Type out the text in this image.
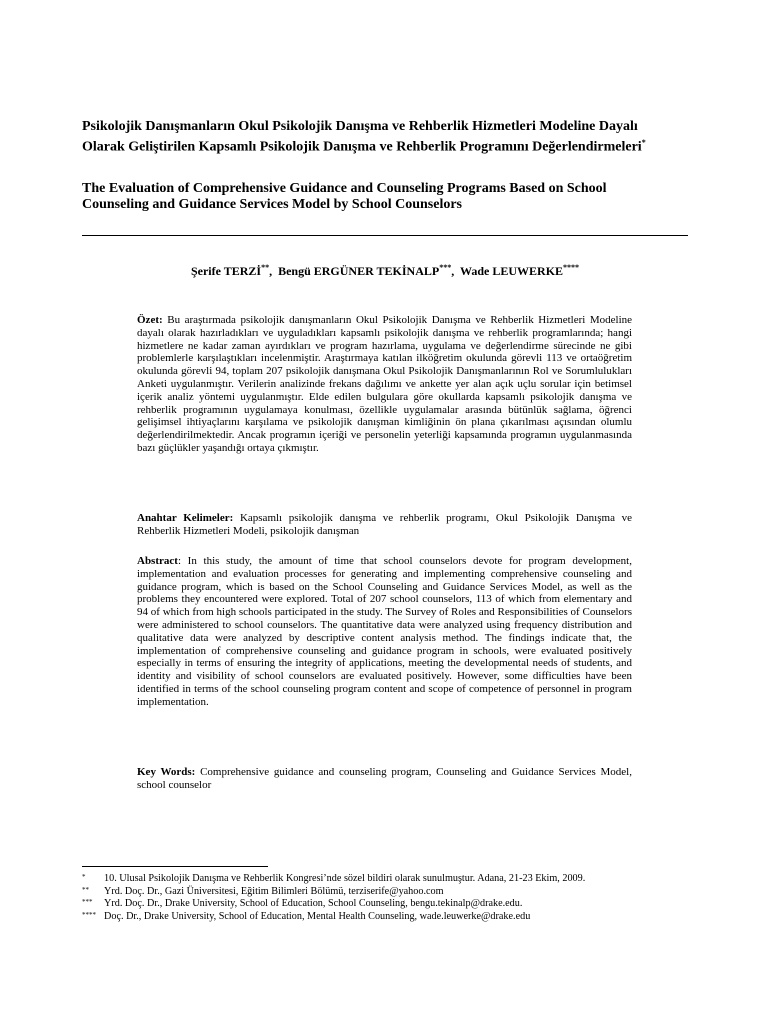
Psikolojik Danışmanların Okul Psikolojik Danışma ve Rehberlik Hizmetleri Modeline Dayalı
Olarak Geliştirilen Kapsamlı Psikolojik Danışma ve Rehberlik Programını Değerlendirmeleri*
The Evaluation of Comprehensive Guidance and Counseling Programs Based on School Counseling and Guidance Services Model by School Counselors
Şerife TERZİ**,  Bengü ERGÜNER TEKİNALP***,  Wade LEUWERKE****
Özet: Bu araştırmada psikolojik danışmanların Okul Psikolojik Danışma ve Rehberlik Hizmetleri Modeline dayalı olarak hazırladıkları ve uyguladıkları kapsamlı psikolojik danışma ve rehberlik programlarında; hangi hizmetlere ne kadar zaman ayırdıkları ve program hazırlama, uygulama ve değerlendirme sürecinde ne gibi problemlerle karşılaştıkları incelenmiştir. Araştırmaya katılan ilköğretim okulunda görevli 113 ve ortaöğretim okulunda görevli 94, toplam 207 psikolojik danışmana Okul Psikolojik Danışmanlarının Rol ve Sorumlulukları Anketi uygulanmıştır. Verilerin analizinde frekans dağılımı ve ankette yer alan açık uçlu sorular için betimsel içerik analiz yöntemi uygulanmıştır. Elde edilen bulgulara göre okullarda kapsamlı psikolojik danışma ve rehberlik programının uygulamaya konulması, özellikle uygulamalar arasında bütünlük sağlama, öğrenci gelişimsel ihtiyaçlarını karşılama ve psikolojik danışman kimliğinin ön plana çıkarılması açısından olumlu değerlendirilmektedir. Ancak programın içeriği ve personelin yeterliği kapsamında programın uygulanmasında bazı güçlükler yaşandığı ortaya çıkmıştır.
Anahtar Kelimeler: Kapsamlı psikolojik danışma ve rehberlik programı, Okul Psikolojik Danışma ve Rehberlik Hizmetleri Modeli, psikolojik danışman
Abstract: In this study, the amount of time that school counselors devote for program development, implementation and evaluation processes for generating and implementing comprehensive counseling and guidance program, which is based on the School Counseling and Guidance Services Model, as well as the problems they encountered were explored. Total of 207 school counselors, 113 of which from elementary and 94 of which from high schools participated in the study. The Survey of Roles and Responsibilities of Counselors were administered to school counselors. The quantitative data were analyzed using frequency distribution and qualitative data were analyzed by descriptive content analysis method. The findings indicate that, the implementation of comprehensive counseling and guidance program in schools, were evaluated positively especially in terms of ensuring the integrity of applications, meeting the developmental needs of students, and identity and visibility of school counselors are evaluated positively. However, some difficulties have been identified in terms of the school counseling program content and scope of competence of personnel in program implementation.
Key Words: Comprehensive guidance and counseling program, Counseling and Guidance Services Model, school counselor
*	10. Ulusal Psikolojik Danışma ve Rehberlik Kongresi’nde sözel bildiri olarak sunulmuştur. Adana, 21-23 Ekim, 2009.
**	Yrd. Doç. Dr., Gazi Üniversitesi, Eğitim Bilimleri Bölümü, terziserife@yahoo.com
***	Yrd. Doç. Dr., Drake University, School of Education, School Counseling, bengu.tekinalp@drake.edu.
**** Doç. Dr., Drake University, School of Education, Mental Health Counseling, wade.leuwerke@drake.edu
